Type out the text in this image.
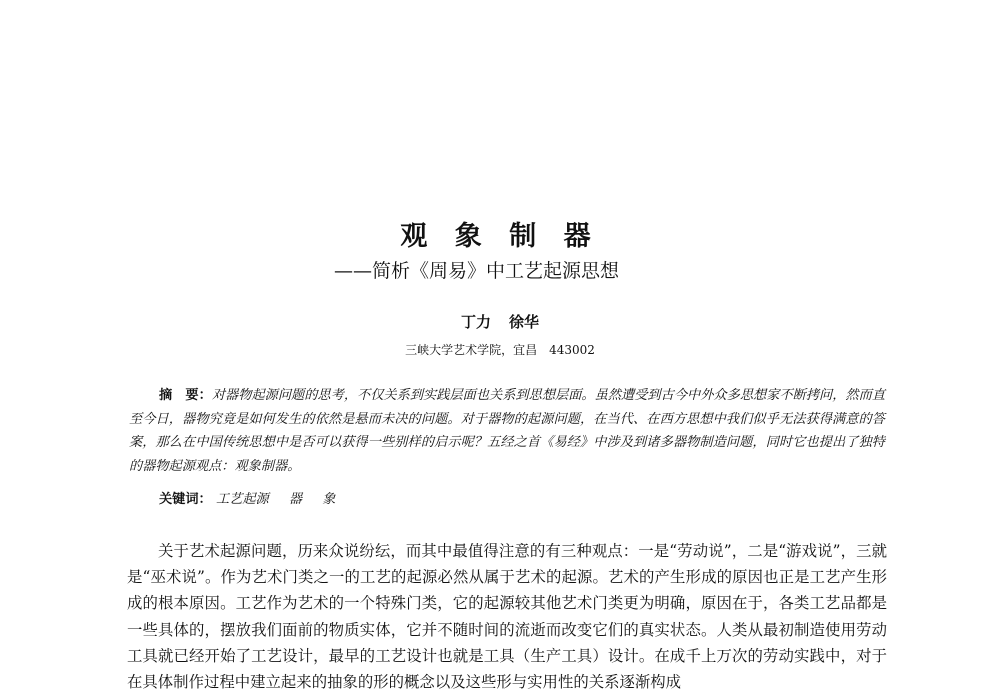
观 象 制 器
——简析《周易》中工艺起源思想
丁力 徐华
三峡大学艺术学院，宜昌　443002
摘　要：对器物起源问题的思考，不仅关系到实践层面也关系到思想层面。虽然遭受到古今中外众多思想家不断拷问，然而直至今日，器物究竟是如何发生的依然是悬而未决的问题。对于器物的起源问题，在当代、在西方思想中我们似乎无法获得满意的答案，那么在中国传统思想中是否可以获得一些别样的启示呢？五经之首《易经》中涉及到诸多器物制造问题，同时它也提出了独特的器物起源观点：观象制器。
关键词： 工艺起源 器 象

关于艺术起源问题，历来众说纷纭，而其中最值得注意的有三种观点：一是“劳动说”，二是“游戏说”，三就是“巫术说”。作为艺术门类之一的工艺的起源必然从属于艺术的起源。艺术的产生形成的原因也正是工艺产生形成的根本原因。工艺作为艺术的一个特殊门类，它的起源较其他艺术门类更为明确，原因在于，各类工艺品都是一些具体的，摆放我们面前的物质实体，它并不随时间的流逝而改变它们的真实状态。人类从最初制造使用劳动工具就已经开始了工艺设计，最早的工艺设计也就是工具（生产工具）设计。在成千上万次的劳动实践中，对于在具体制作过程中建立起来的抽象的形的概念以及这些形与实用性的关系逐渐构成
